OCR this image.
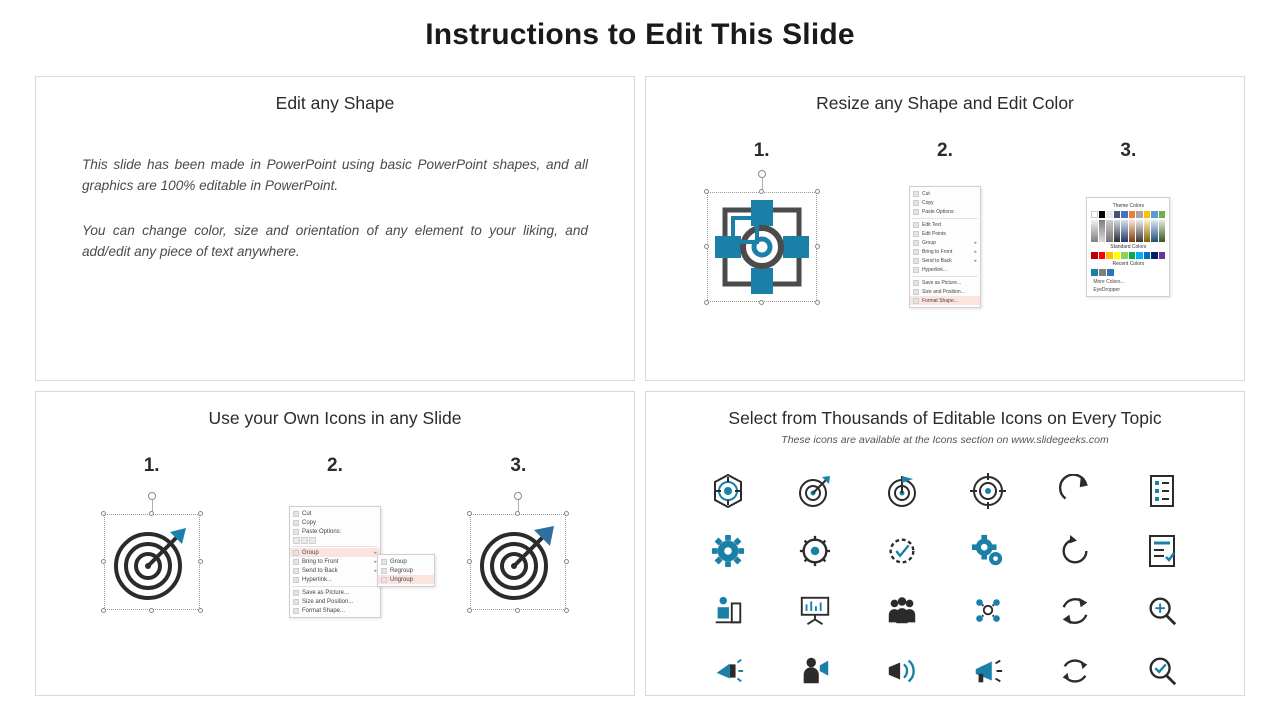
Instructions to Edit This Slide
Edit any Shape

This slide has been made in PowerPoint using basic PowerPoint shapes, and all graphics are 100% editable in PowerPoint.

You can change color, size and orientation of any element to your liking, and add/edit any piece of text anywhere.

Resize any Shape and Edit Color
1.	2.
Cut
Copy
Paste Options:
Edit Text
Edit Points
Group	▸
Bring to Front	▸
Send to Back	▸
Hyperlink...
Save as Picture...
Size and Position...
Format Shape...
3.
Theme Colors
Standard Colors
Recent Colors
More Colors...
EyeDropper
Use your Own Icons in any Slide
1.	2.
Cut
Copy
Paste Options:
Group	▸
Bring to Front	▸
Send to Back	▸
Hyperlink...
Save as Picture...
Size and Position...
Format Shape...
Group
Regroup
Ungroup
3.
Select from Thousands of Editable Icons on Every Topic
These icons are available at the Icons section on www.slidegeeks.com
